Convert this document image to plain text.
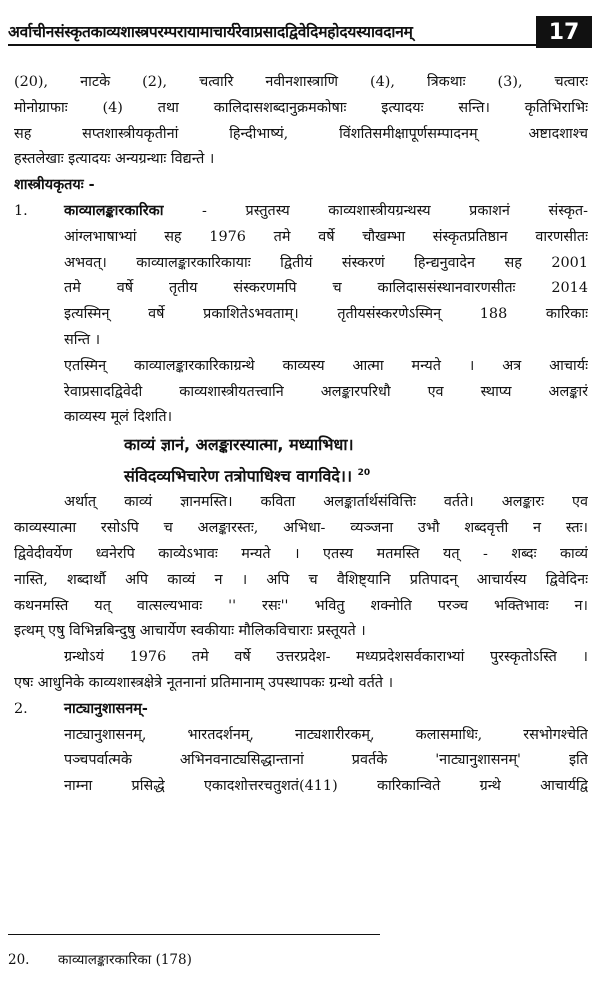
अर्वाचीनसंस्कृतकाव्यशास्त्रपरम्परायामाचार्यरेवाप्रसादद्विवेदिमहोदयस्यावदानम्	17
(20), नाटके (2), चत्वारि नवीनशास्त्राणि (4), त्रिकथाः (3), चत्वारः
मोनोग्राफाः (4) तथा कालिदासशब्दानुक्रमकोषाः इत्यादयः सन्ति। कृतिभिराभिः
सह सप्तशास्त्रीयकृतीनां हिन्दीभाष्यं, विंशतिसमीक्षापूर्णसम्पादनम् अष्टादशाश्च
हस्तलेखाः इत्यादयः अन्यग्रन्थाः विद्यन्ते ।
शास्त्रीयकृतयः -
1.	काव्यालङ्कारकारिका - प्रस्तुतस्य काव्यशास्त्रीयग्रन्थस्य प्रकाशनं संस्कृत-
आंग्लभाषाभ्यां सह 1976 तमे वर्षे चौखम्भा संस्कृतप्रतिष्ठान वारणसीतः
अभवत्। काव्यालङ्कारकारिकायाः द्वितीयं संस्करणं हिन्द्यनुवादेन सह 2001
तमे वर्षे तृतीय संस्करणमपि च कालिदाससंस्थानवारणसीतः 2014
इत्यस्मिन् वर्षे प्रकाशितेऽभवताम्। तृतीयसंस्करणेऽस्मिन् 188 कारिकाः
सन्ति ।
एतस्मिन् काव्यालङ्कारकारिकाग्रन्थे काव्यस्य आत्मा मन्यते । अत्र आचार्यः
रेवाप्रसादद्विवेदी काव्यशास्त्रीयतत्त्वानि अलङ्कारपरिधौ एव स्थाप्य अलङ्कारं
काव्यस्य मूलं दिशति।
काव्यं ज्ञानं, अलङ्कारस्यात्मा, मध्याभिधा।
संविदव्यभिचारेण तत्रोपाधिश्च वागविदे।। $^{20}$
अर्थात् काव्यं ज्ञानमस्ति। कविता अलङ्कार्तार्थसंवित्तिः वर्तते। अलङ्कारः एव
काव्यस्यात्मा रसोऽपि च अलङ्कारस्तः, अभिधा- व्यञ्जना उभौ शब्दवृत्ती न स्तः।
द्विवेदीवर्येण ध्वनेरपि काव्येऽभावः मन्यते । एतस्य मतमस्ति यत् - शब्दः काव्यं
नास्ति, शब्दार्थौ अपि काव्यं न । अपि च वैशिष्ट्यानि प्रतिपादन् आचार्यस्य द्विवेदिनः
कथनमस्ति यत् वात्सल्यभावः '' रसः'' भवितु शक्नोति परञ्च भक्तिभावः न।
इत्थम् एषु विभिन्नबिन्दुषु आचार्येण स्वकीयाः मौलिकविचाराः प्रस्तूयते ।
ग्रन्थोऽयं 1976 तमे वर्षे उत्तरप्रदेश- मध्यप्रदेशसर्वकाराभ्यां पुरस्कृतोऽस्ति ।
एषः आधुनिके काव्यशास्त्रक्षेत्रे नूतनानां प्रतिमानाम् उपस्थापकः ग्रन्थो वर्तते ।
2.	नाट्यानुशासनम्-
नाट्यानुशासनम्, भारतदर्शनम्, नाट्यशारीरकम्, कलासमाधिः, रसभोगश्चेति
पञ्चपर्वात्मके अभिनवनाट्यसिद्धान्तानां प्रवर्तके 'नाट्यानुशासनम्' इति
नाम्ना प्रसिद्धे एकादशोत्तरचतुशतं(411) कारिकान्विते ग्रन्थे आचार्यद्वि
20. काव्यालङ्कारकारिका (178)
